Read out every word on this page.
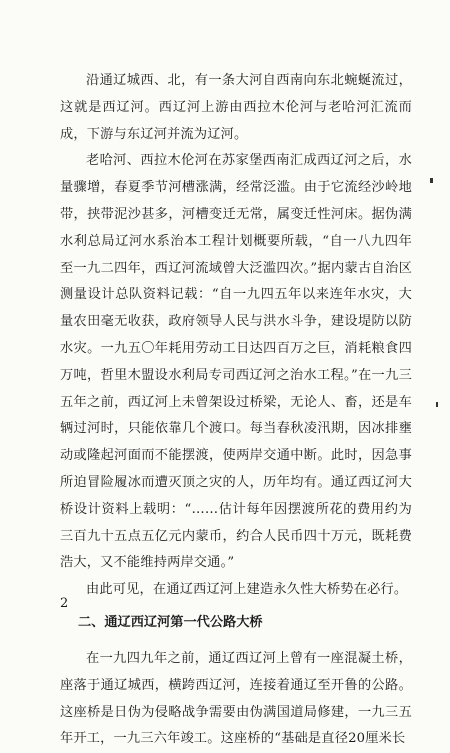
沿通辽城西、北，有一条大河自西南向东北蜿蜒流过，这就是西辽河。西辽河上游由西拉木伦河与老哈河汇流而成，下游与东辽河并流为辽河。

老哈河、西拉木伦河在苏家堡西南汇成西辽河之后，水量骤增，春夏季节河槽涨满，经常泛滥。由于它流经沙岭地带，挟带泥沙甚多，河槽变迁无常，属变迁性河床。据伪满水利总局辽河水系治本工程计划概要所载，“自一八九四年至一九二四年，西辽河流域曾大泛滥四次。”据内蒙古自治区测量设计总队资料记载：“自一九四五年以来连年水灾，大量农田毫无收获，政府领导人民与洪水斗争，建设堤防以防水灾。一九五〇年耗用劳动工日达四百万之巨，消耗粮食四万吨，哲里木盟设水利局专司西辽河之治水工程。”在一九三五年之前，西辽河上未曾架设过桥梁，无论人、畜，还是车辆过河时，只能依靠几个渡口。每当春秋凌汛期，因冰排壅动或隆起河面而不能摆渡，使两岸交通中断。此时，因急事所迫冒险履冰而遭灭顶之灾的人，历年均有。通辽西辽河大桥设计资料上载明：“……估计每年因摆渡所花的费用约为三百九十五点五亿元内蒙币，约合人民币四十万元，既耗费浩大，又不能维持两岸交通。”

由此可见，在通辽西辽河上建造永久性大桥势在必行。

二、通辽西辽河第一代公路大桥

在一九四九年之前，通辽西辽河上曾有一座混凝土桥，座落于通辽城西，横跨西辽河，连接着通辽至开鲁的公路。这座桥是日伪为侵略战争需要由伪满国道局修建，一九三五年开工，一九三六年竣工。这座桥的“基础是直径20厘米长

2
